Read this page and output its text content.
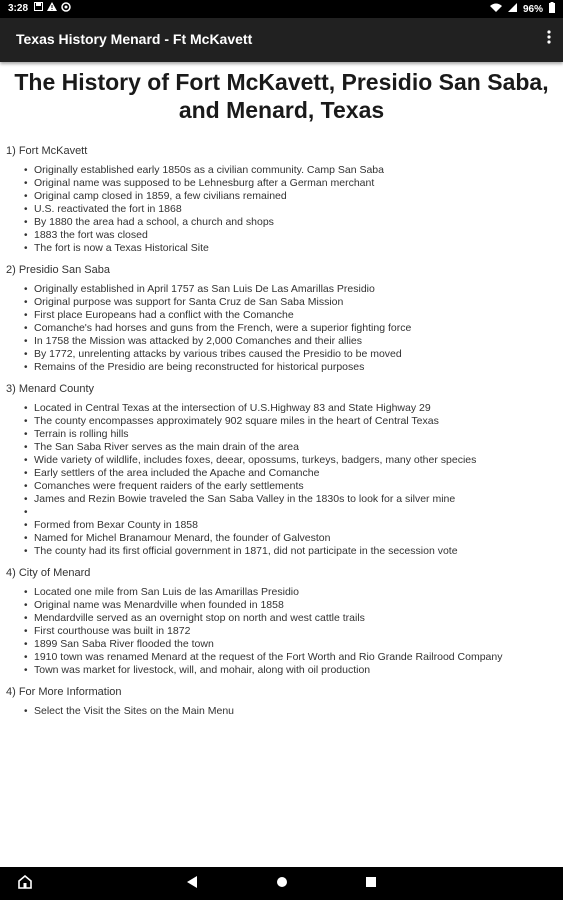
3:28	96%
Texas History Menard - Ft McKavett
The History of Fort McKavett, Presidio San Saba, and Menard, Texas
1) Fort McKavett
• Originally established early 1850s as a civilian community. Camp San Saba
• Original name was supposed to be Lehnesburg after a German merchant
• Original camp closed in 1859, a few civilians remained
• U.S. reactivated the fort in 1868
• By 1880 the area had a school, a church and shops
• 1883 the fort was closed
• The fort is now a Texas Historical Site
2) Presidio San Saba
• Originally established in April 1757 as San Luis De Las Amarillas Presidio
• Original purpose was support for Santa Cruz de San Saba Mission
• First place Europeans had a conflict with the Comanche
• Comanche's had horses and guns from the French, were a superior fighting force
• In 1758 the Mission was attacked by 2,000 Comanches and their allies
• By 1772, unrelenting attacks by various tribes caused the Presidio to be moved
• Remains of the Presidio are being reconstructed for historical purposes
3) Menard County
• Located in Central Texas at the intersection of U.S.Highway 83 and State Highway 29
• The county encompasses approximately 902 square miles in the heart of Central Texas
• Terrain is rolling hills
• The San Saba River serves as the main drain of the area
• Wide variety of wildlife, includes foxes, deear, opossums, turkeys, badgers, many other species
• Early settlers of the area included the Apache and Comanche
• Comanches were frequent raiders of the early settlements
• James and Rezin Bowie traveled the San Saba Valley in the 1830s to look for a silver mine
•
• Formed from Bexar County in 1858
• Named for Michel Branamour Menard, the founder of Galveston
• The county had its first official government in 1871, did not participate in the secession vote
4) City of Menard
• Located one mile from San Luis de las Amarillas Presidio
• Original name was Menardville when founded in 1858
• Mendardville served as an overnight stop on north and west cattle trails
• First courthouse was built in 1872
• 1899 San Saba River flooded the town
• 1910 town was renamed Menard at the request of the Fort Worth and Rio Grande Railrood Company
• Town was market for livestock, will, and mohair, along with oil production
4) For More Information
• Select the Visit the Sites on the Main Menu
